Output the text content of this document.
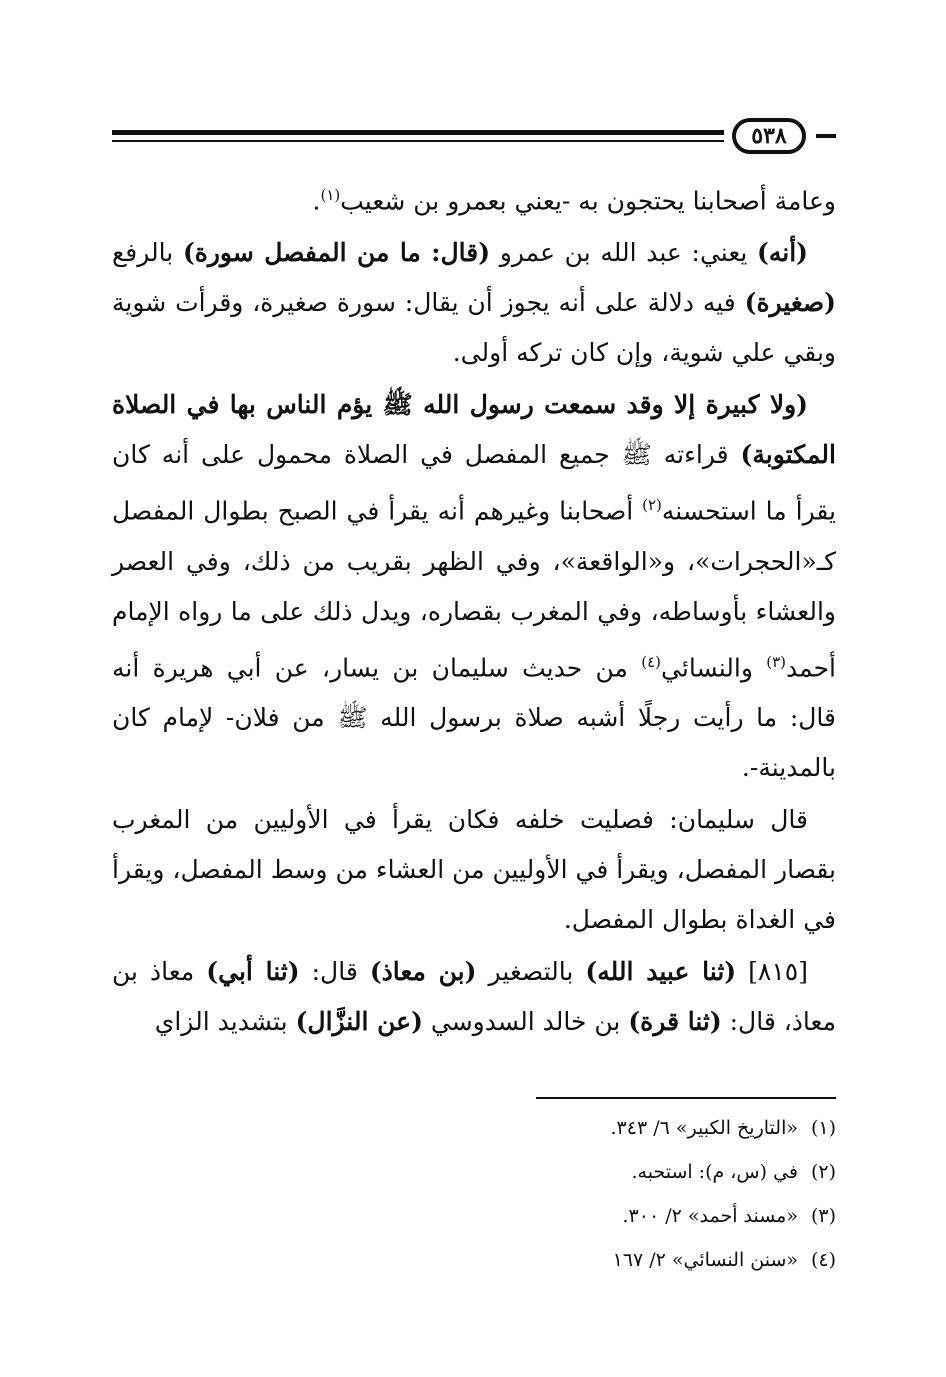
٥٣٨

وعامة أصحابنا يحتجون به -يعني بعمرو بن شعيب$^{(١)}$.

(أنه) يعني: عبد الله بن عمرو (قال: ما من المفصل سورة) بالرفع (صغيرة) فيه دلالة على أنه يجوز أن يقال: سورة صغيرة، وقرأت شوية وبقي علي شوية، وإن كان تركه أولى.

(ولا كبيرة إلا وقد سمعت رسول الله ﷺ يؤم الناس بها في الصلاة المكتوبة) قراءته ﷺ جميع المفصل في الصلاة محمول على أنه كان يقرأ ما استحسنه$^{(٢)}$ أصحابنا وغيرهم أنه يقرأ في الصبح بطوال المفصل كـ«الحجرات»، و«الواقعة»، وفي الظهر بقريب من ذلك، وفي العصر والعشاء بأوساطه، وفي المغرب بقصاره، ويدل ذلك على ما رواه الإمام أحمد$^{(٣)}$ والنسائي$^{(٤)}$ من حديث سليمان بن يسار، عن أبي هريرة أنه قال: ما رأيت رجلًا أشبه صلاة برسول الله ﷺ من فلان- لإمام كان بالمدينة-.

قال سليمان: فصليت خلفه فكان يقرأ في الأوليين من المغرب بقصار المفصل، ويقرأ في الأوليين من العشاء من وسط المفصل، ويقرأ في الغداة بطوال المفصل.

[٨١٥] (ثنا عبيد الله) بالتصغير (بن معاذ) قال: (ثنا أبي) معاذ بن معاذ، قال: (ثنا قرة) بن خالد السدوسي (عن النزَّال) بتشديد الزاي

(١)«التاريخ الكبير» ٦/ ٣٤٣.
(٢)في (س، م): استحبه.
(٣)«مسند أحمد» ٢/ ٣٠٠.
(٤)«سنن النسائي» ٢/ ١٦٧
